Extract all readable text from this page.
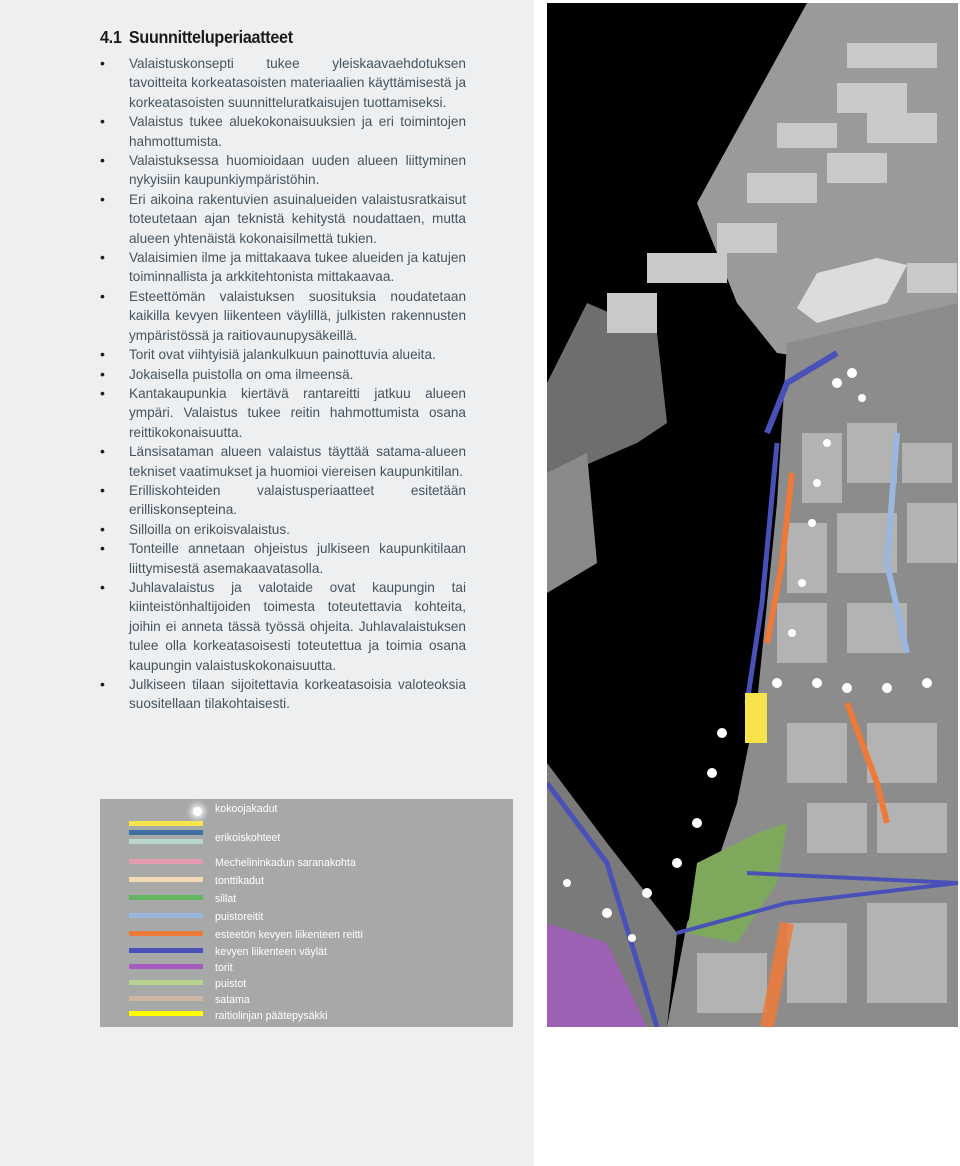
4.1 Suunnitteluperiaatteet
• Valaistuskonsepti tukee yleiskaavaehdotuksen tavoitteita korkeatasoisten materiaalien käyttämisestä ja korkeatasoisten suunnitteluratkaisujen tuottamiseksi.
• Valaistus tukee aluekokonaisuuksien ja eri toimintojen hahmottumista.
• Valaistuksessa huomioidaan uuden alueen liittyminen nykyisiin kaupunkiympäristöhin.
• Eri aikoina rakentuvien asuinalueiden valaistusratkaisut toteutetaan ajan teknistä kehitystä noudattaen, mutta alueen yhtenäistä kokonaisilmettä tukien.
• Valaisimien ilme ja mittakaava tukee alueiden ja katujen toiminnallista ja arkkitehtonista mittakaavaa.
• Esteettömän valaistuksen suosituksia noudatetaan kaikilla kevyen liikenteen väylillä, julkisten rakennusten ympäristössä ja raitiovaunupysäkeillä.
• Torit ovat viihtyisiä jalankulkuun painottuvia alueita.
• Jokaisella puistolla on oma ilmeensä.
• Kantakaupunkia kiertävä rantareitti jatkuu alueen ympäri. Valaistus tukee reitin hahmottumista osana reittikokonaisuutta.
• Länsisataman alueen valaistus täyttää satama-alueen tekniset vaatimukset ja huomioi viereisen kaupunkitilan.
• Erilliskohteiden valaistusperiaatteet esitetään erilliskonsepteina.
• Silloilla on erikoisvalaistus.
• Tonteille annetaan ohjeistus julkiseen kaupunkitilaan liittymisestä asemakaavatasolla.
• Juhlavalaistus ja valotaide ovat kaupungin tai kiinteistönhaltijoiden toimesta toteutettavia kohteita, joihin ei anneta tässä työssä ohjeita. Juhlavalaistuksen tulee olla korkeatasoisesti toteutettua ja toimia osana kaupungin valaistuskokonaisuutta.
• Julkiseen tilaan sijoitettavia korkeatasoisia valoteoksia suositellaan tilakohtaisesti.
kokoojakadut
erikoiskohteet
Mechelininkadun saranakohta
tonttikadut
sillat
puistoreitit
esteetön kevyen liikenteen reitti
kevyen liikenteen väylät
torit
puistot
satama
raitiolinjan päätepysäkki
